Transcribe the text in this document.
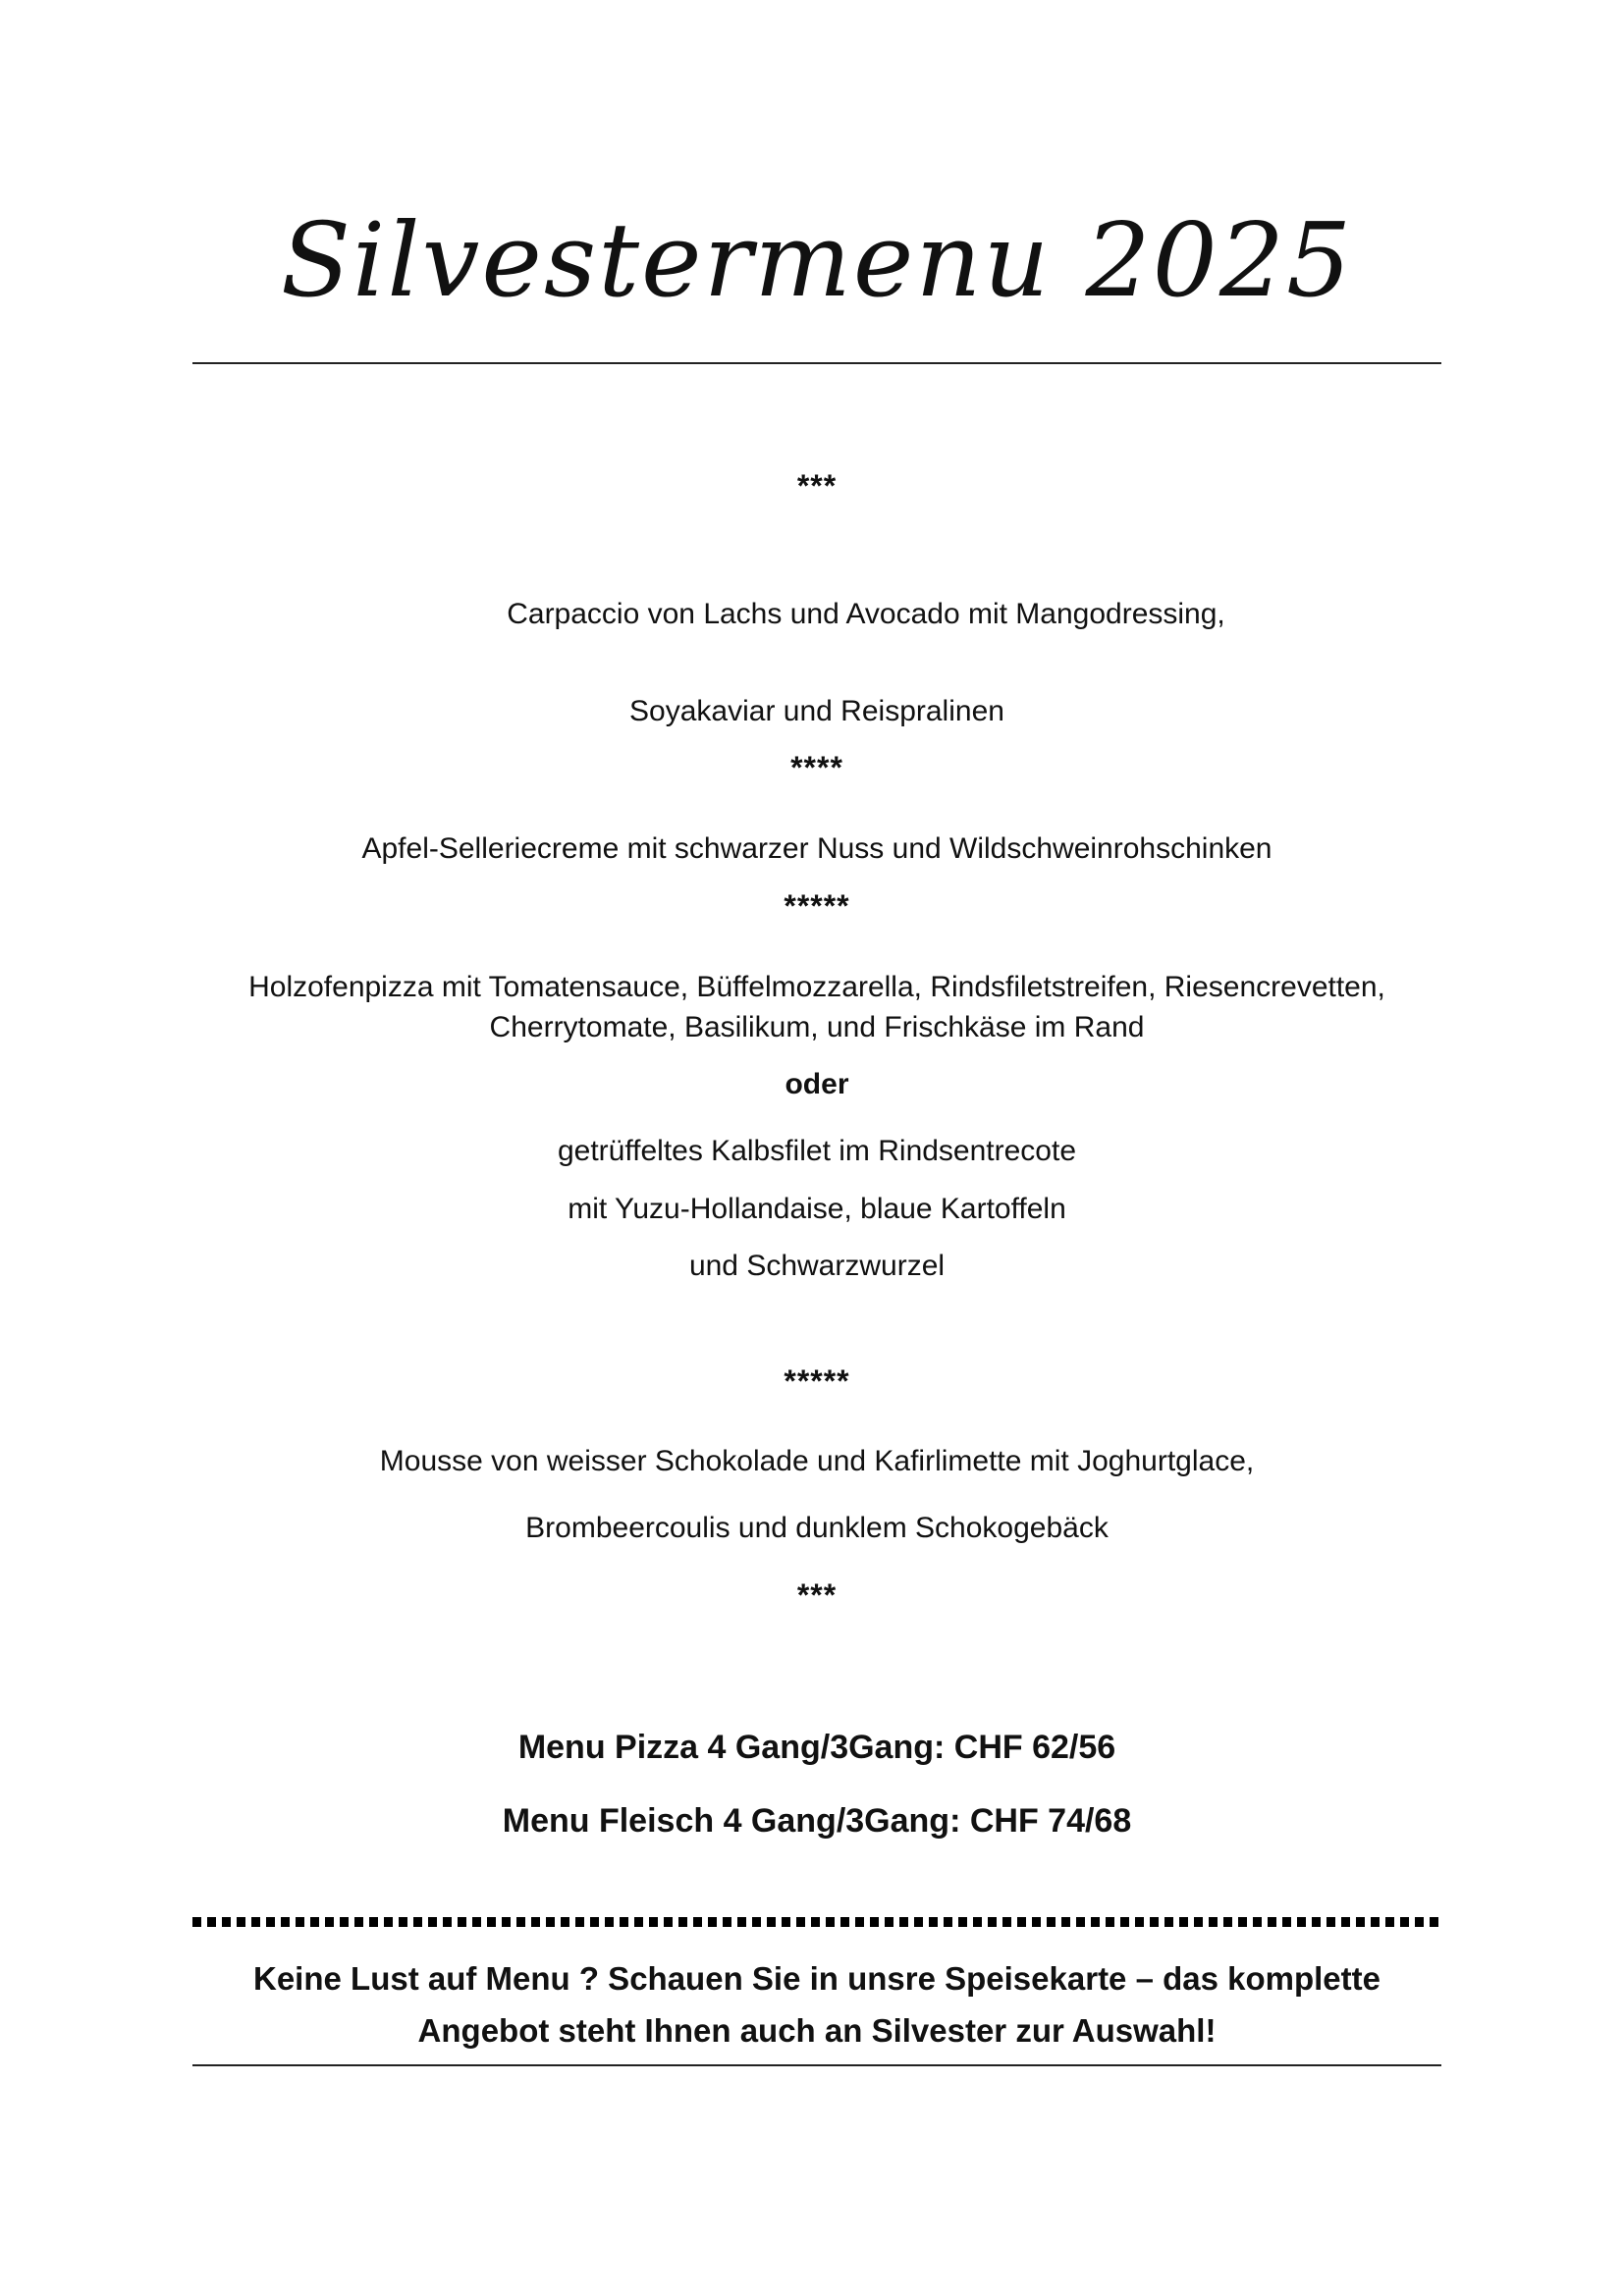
Silvestermenu 2025
***
Carpaccio von Lachs und Avocado mit Mangodressing,
Soyakaviar und Reispralinen
****
Apfel-Selleriecreme mit schwarzer Nuss und Wildschweinrohschinken
*****
Holzofenpizza mit Tomatensauce, Büffelmozzarella, Rindsfiletstreifen, Riesencrevetten,
Cherrytomate, Basilikum, und Frischkäse im Rand
oder
getrüffeltes Kalbsfilet im Rindsentrecote
mit Yuzu-Hollandaise, blaue Kartoffeln
und Schwarzwurzel
*****
Mousse von weisser Schokolade und Kafirlimette mit Joghurtglace,
Brombeercoulis und dunklem Schokogebäck
***
Menu Pizza 4 Gang/3Gang: CHF 62/56
Menu Fleisch 4 Gang/3Gang: CHF 74/68
Keine Lust auf Menu ? Schauen Sie in unsre Speisekarte – das komplette
Angebot steht Ihnen auch an Silvester zur Auswahl!
